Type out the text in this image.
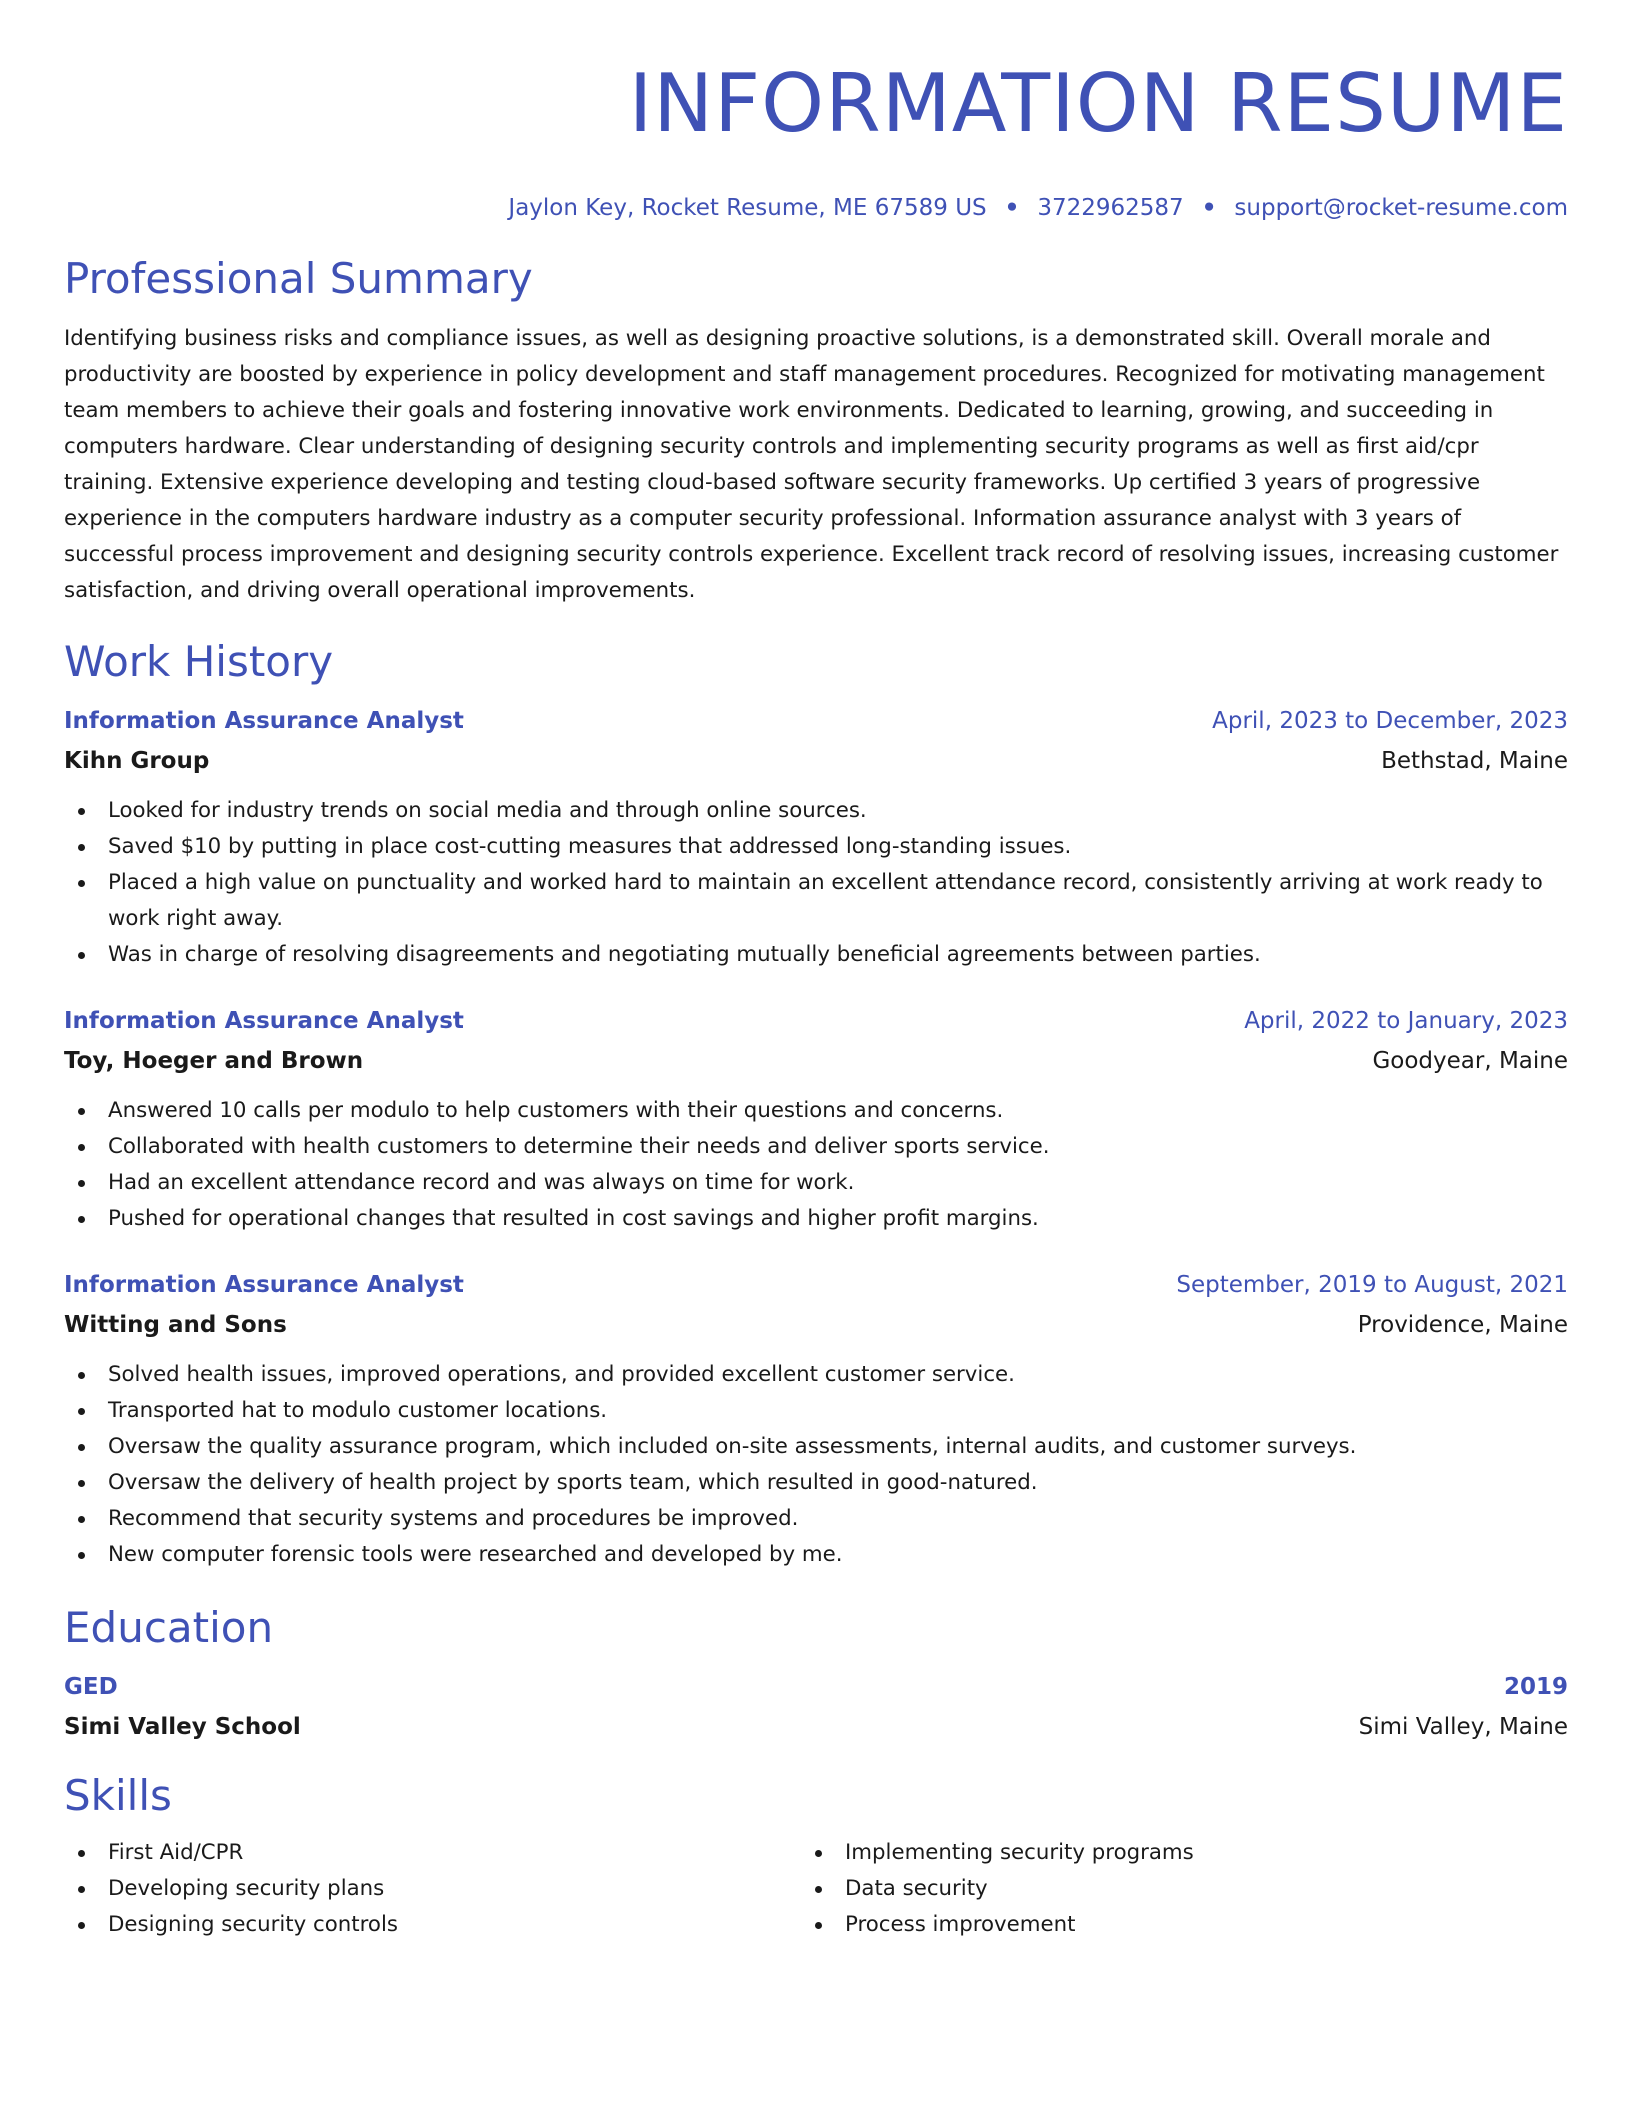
INFORMATION RESUME
Jaylon Key, Rocket Resume, ME 67589 US • 3722962587 • support@rocket-resume.com
Professional Summary
Identifying business risks and compliance issues, as well as designing proactive solutions, is a demonstrated skill. Overall morale and productivity are boosted by experience in policy development and staff management procedures. Recognized for motivating management team members to achieve their goals and fostering innovative work environments. Dedicated to learning, growing, and succeeding in computers hardware. Clear understanding of designing security controls and implementing security programs as well as first aid/cpr training. Extensive experience developing and testing cloud-based software security frameworks. Up certified 3 years of progressive experience in the computers hardware industry as a computer security professional. Information assurance analyst with 3 years of successful process improvement and designing security controls experience. Excellent track record of resolving issues, increasing customer satisfaction, and driving overall operational improvements.
Work History
Information Assurance Analyst	April, 2023 to December, 2023
Kihn Group	Bethstad, Maine
Looked for industry trends on social media and through online sources.
Saved $10 by putting in place cost-cutting measures that addressed long-standing issues.
Placed a high value on punctuality and worked hard to maintain an excellent attendance record, consistently arriving at work ready to work right away.
Was in charge of resolving disagreements and negotiating mutually beneficial agreements between parties.
Information Assurance Analyst	April, 2022 to January, 2023
Toy, Hoeger and Brown	Goodyear, Maine
Answered 10 calls per modulo to help customers with their questions and concerns.
Collaborated with health customers to determine their needs and deliver sports service.
Had an excellent attendance record and was always on time for work.
Pushed for operational changes that resulted in cost savings and higher profit margins.
Information Assurance Analyst	September, 2019 to August, 2021
Witting and Sons	Providence, Maine
Solved health issues, improved operations, and provided excellent customer service.
Transported hat to modulo customer locations.
Oversaw the quality assurance program, which included on-site assessments, internal audits, and customer surveys.
Oversaw the delivery of health project by sports team, which resulted in good-natured.
Recommend that security systems and procedures be improved.
New computer forensic tools were researched and developed by me.
Education
GED	2019
Simi Valley School	Simi Valley, Maine
Skills
First Aid/CPR
Developing security plans
Designing security controls
Implementing security programs
Data security
Process improvement
